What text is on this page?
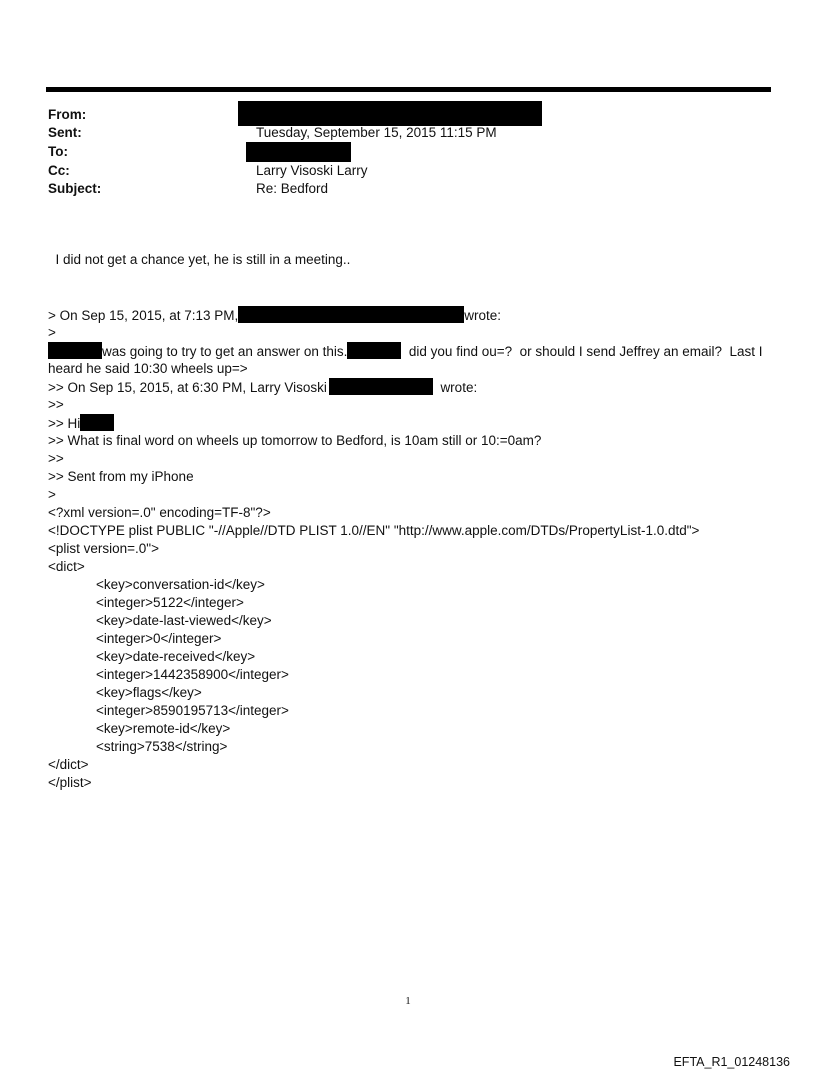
From:
Sent:	Tuesday, September 15, 2015 11:15 PM
To:
Cc:	Larry Visoski Larry
Subject:	Re: Bedford

I did not get a chance yet, he is still in a meeting..

> On Sep 15, 2015, at 7:13 PM,	wrote:

>

was going to try to get an answer on this.	did you find ou=?  or should I send Jeffrey an email?  Last I

heard he said 10:30 wheels up=>

>> On Sep 15, 2015, at 6:30 PM, Larry Visoski	wrote:

>>

>> Hi

>> What is final word on wheels up tomorrow to Bedford, is 10am still or 10:=0am?

>>

>> Sent from my iPhone

>

<?xml version=.0" encoding=TF-8"?>

<!DOCTYPE plist PUBLIC "-//Apple//DTD PLIST 1.0//EN" "http://www.apple.com/DTDs/PropertyList-1.0.dtd">

<plist version=.0">

<dict>

<key>conversation-id</key>

<integer>5122</integer>

<key>date-last-viewed</key>

<integer>0</integer>

<key>date-received</key>

<integer>1442358900</integer>

<key>flags</key>

<integer>8590195713</integer>

<key>remote-id</key>

<string>7538</string>

</dict>

</plist>

1
EFTA_R1_01248136
